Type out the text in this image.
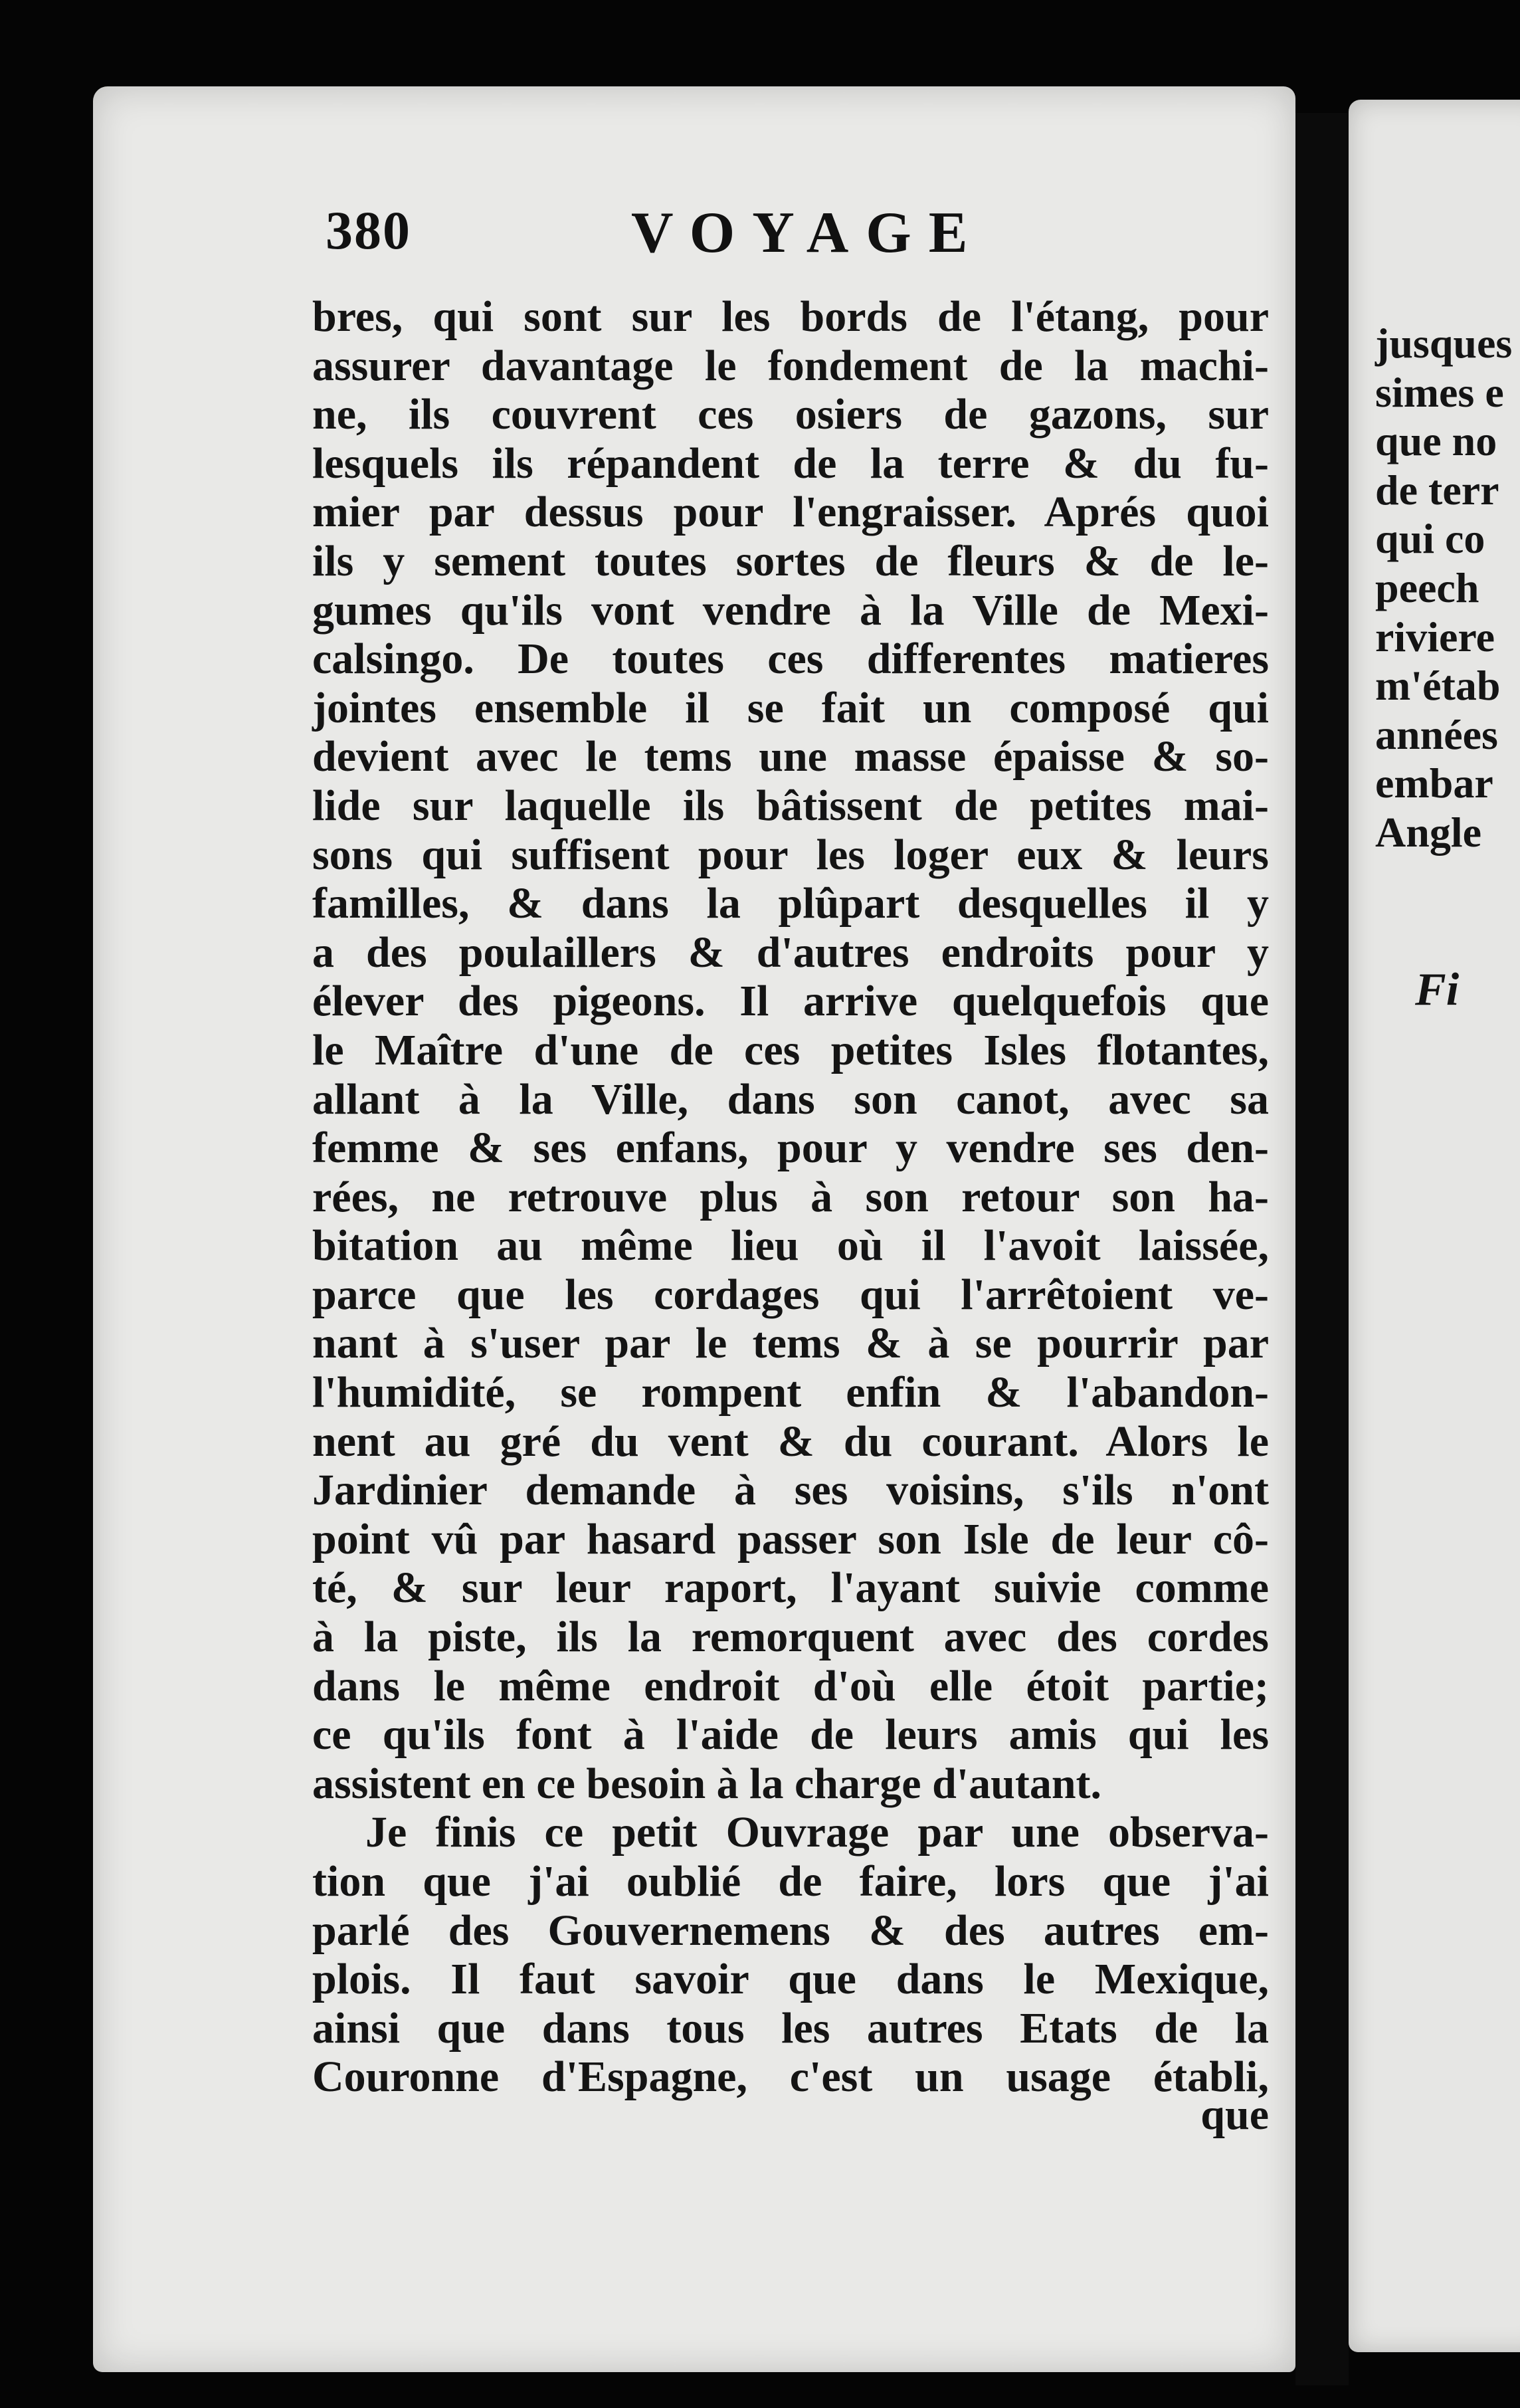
jusques
simes e
que no
de terr
qui co
peech
riviere
m'étab
années
embar
Angle
Fi
380	VOYAGE
bres, qui sont sur les bords de l'étang, pour
assurer davantage le fondement de la machi-
ne, ils couvrent ces osiers de gazons, sur
lesquels ils répandent de la terre & du fu-
mier par dessus pour l'engraisser. Aprés quoi
ils y sement toutes sortes de fleurs & de le-
gumes qu'ils vont vendre à la Ville de Mexi-
calsingo. De toutes ces differentes matieres
jointes ensemble il se fait un composé qui
devient avec le tems une masse épaisse & so-
lide sur laquelle ils bâtissent de petites mai-
sons qui suffisent pour les loger eux & leurs
familles, & dans la plûpart desquelles il y
a des poulaillers & d'autres endroits pour y
élever des pigeons. Il arrive quelquefois que
le Maître d'une de ces petites Isles flotantes,
allant à la Ville, dans son canot, avec sa
femme & ses enfans, pour y vendre ses den-
rées, ne retrouve plus à son retour son ha-
bitation au même lieu où il l'avoit laissée,
parce que les cordages qui l'arrêtoient ve-
nant à s'user par le tems & à se pourrir par
l'humidité, se rompent enfin & l'abandon-
nent au gré du vent & du courant. Alors le
Jardinier demande à ses voisins, s'ils n'ont
point vû par hasard passer son Isle de leur cô-
té, & sur leur raport, l'ayant suivie comme
à la piste, ils la remorquent avec des cordes
dans le même endroit d'où elle étoit partie;
ce qu'ils font à l'aide de leurs amis qui les
assistent en ce besoin à la charge d'autant.
Je finis ce petit Ouvrage par une observa-
tion que j'ai oublié de faire, lors que j'ai
parlé des Gouvernemens & des autres em-
plois. Il faut savoir que dans le Mexique,
ainsi que dans tous les autres Etats de la
Couronne d'Espagne, c'est un usage établi,
que
